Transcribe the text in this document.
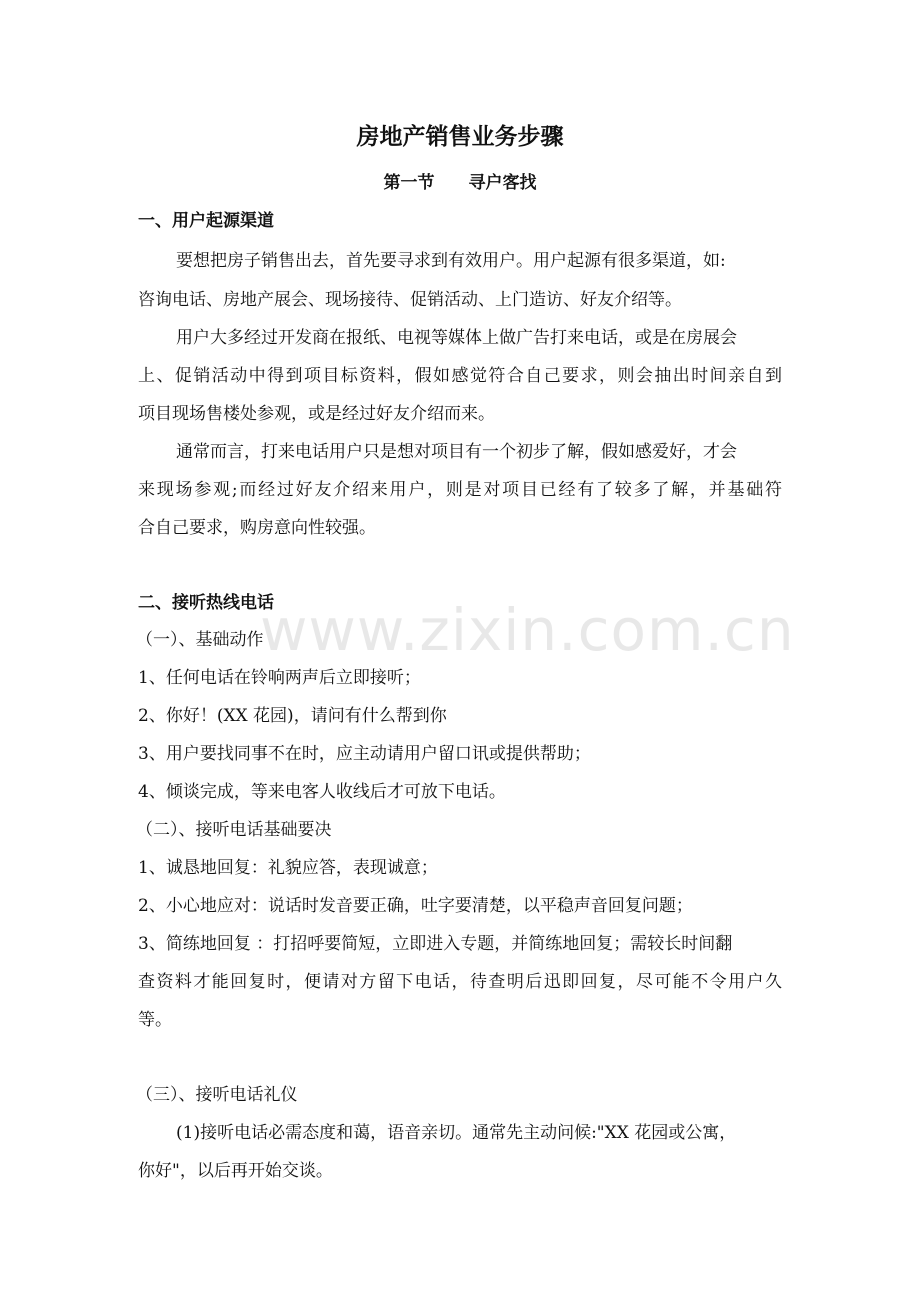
www.zixin.com.cn
房地产销售业务步骤
第一节 寻户客找
一、用户起源渠道
要想把房子销售出去，首先要寻求到有效用户。用户起源有很多渠道，如:
咨询电话、房地产展会、现场接待、促销活动、上门造访、好友介绍等。
用户大多经过开发商在报纸、电视等媒体上做广告打来电话，或是在房展会
上、促销活动中得到项目标资料，假如感觉符合自己要求，则会抽出时间亲自到
项目现场售楼处参观，或是经过好友介绍而来。
通常而言，打来电话用户只是想对项目有一个初步了解，假如感爱好，才会
来现场参观;而经过好友介绍来用户，则是对项目已经有了较多了解，并基础符
合自己要求，购房意向性较强。
二、接听热线电话
（一）、基础动作
1、任何电话在铃响两声后立即接听；
2、你好！(XX 花园)，请问有什么帮到你
3、用户要找同事不在时，应主动请用户留口讯或提供帮助；
4、倾谈完成，等来电客人收线后才可放下电话。
（二）、接听电话基础要决
1、诚恳地回复：礼貌应答，表现诚意；
2、小心地应对：说话时发音要正确，吐字要清楚，以平稳声音回复问题；
3、简练地回复 ：打招呼要简短，立即进入专题，并简练地回复；需较长时间翻
查资料才能回复时，便请对方留下电话，待查明后迅即回复，尽可能不令用户久
等。
（三）、接听电话礼仪
(1)接听电话必需态度和蔼，语音亲切。通常先主动问候:"XX 花园或公寓，
你好"，以后再开始交谈。
